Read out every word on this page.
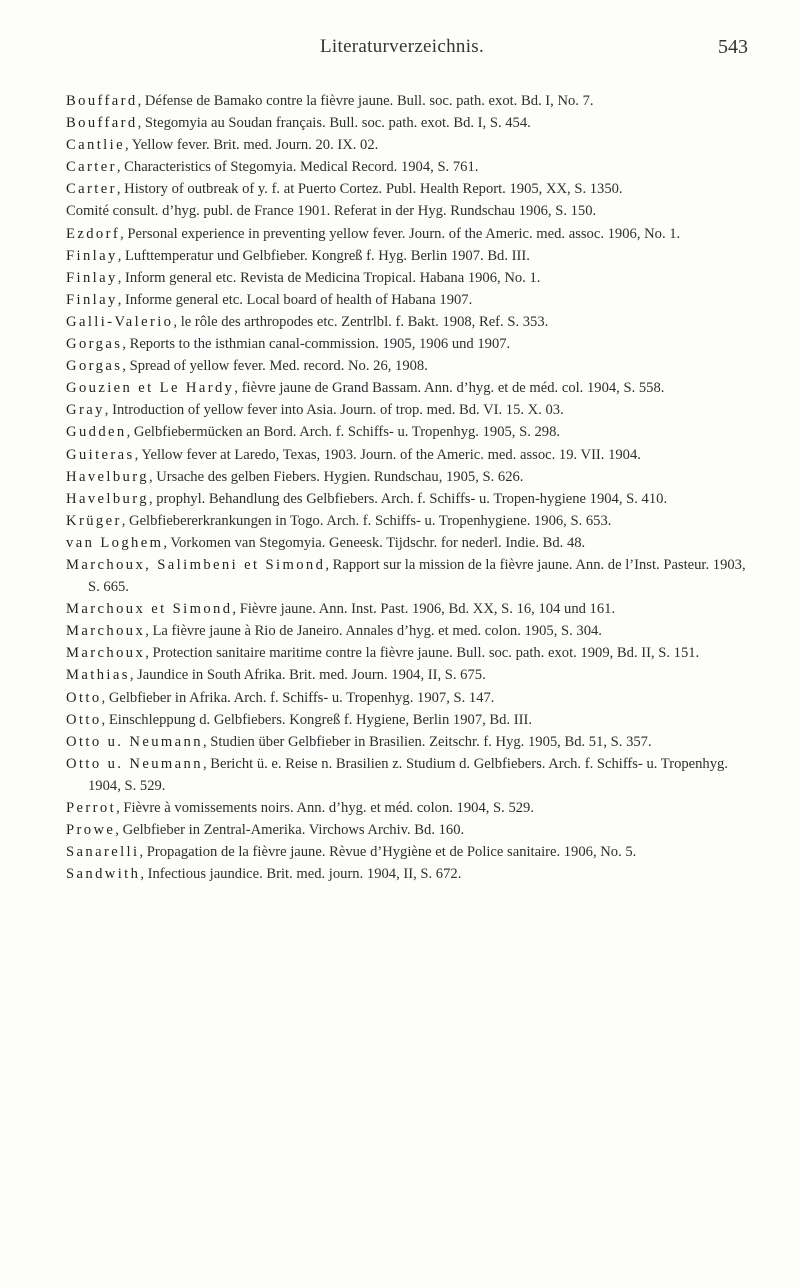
Literaturverzeichnis.	543

Bouffard, Défense de Bamako contre la fièvre jaune. Bull. soc. path. exot. Bd. I, No. 7.

Bouffard, Stegomyia au Soudan français. Bull. soc. path. exot. Bd. I, S. 454.

Cantlie, Yellow fever. Brit. med. Journ. 20. IX. 02.

Carter, Characteristics of Stegomyia. Medical Record. 1904, S. 761.

Carter, History of outbreak of y. f. at Puerto Cortez. Publ. Health Report. 1905, XX, S. 1350.

Comité consult. d’hyg. publ. de France 1901. Referat in der Hyg. Rundschau 1906, S. 150.

Ezdorf, Personal experience in preventing yellow fever. Journ. of the Americ. med. assoc. 1906, No. 1.

Finlay, Lufttemperatur und Gelbfieber. Kongreß f. Hyg. Berlin 1907. Bd. III.

Finlay, Inform general etc. Revista de Medicina Tropical. Habana 1906, No. 1.

Finlay, Informe general etc. Local board of health of Habana 1907.

Galli-Valerio, le rôle des arthropodes etc. Zentrlbl. f. Bakt. 1908, Ref. S. 353.

Gorgas, Reports to the isthmian canal-commission. 1905, 1906 und 1907.

Gorgas, Spread of yellow fever. Med. record. No. 26, 1908.

Gouzien et Le Hardy, fièvre jaune de Grand Bassam. Ann. d’hyg. et de méd. col. 1904, S. 558.

Gray, Introduction of yellow fever into Asia. Journ. of trop. med. Bd. VI. 15. X. 03.

Gudden, Gelbfiebermücken an Bord. Arch. f. Schiffs- u. Tropenhyg. 1905, S. 298.

Guiteras, Yellow fever at Laredo, Texas, 1903. Journ. of the Americ. med. assoc. 19. VII. 1904.

Havelburg, Ursache des gelben Fiebers. Hygien. Rundschau, 1905, S. 626.

Havelburg, prophyl. Behandlung des Gelbfiebers. Arch. f. Schiffs- u. Tropen-hygiene 1904, S. 410.

Krüger, Gelbfiebererkrankungen in Togo. Arch. f. Schiffs- u. Tropenhygiene. 1906, S. 653.

van Loghem, Vorkomen van Stegomyia. Geneesk. Tijdschr. for nederl. Indie. Bd. 48.

Marchoux, Salimbeni et Simond, Rapport sur la mission de la fièvre jaune. Ann. de l’Inst. Pasteur. 1903, S. 665.

Marchoux et Simond, Fièvre jaune. Ann. Inst. Past. 1906, Bd. XX, S. 16, 104 und 161.

Marchoux, La fièvre jaune à Rio de Janeiro. Annales d’hyg. et med. colon. 1905, S. 304.

Marchoux, Protection sanitaire maritime contre la fièvre jaune. Bull. soc. path. exot. 1909, Bd. II, S. 151.

Mathias, Jaundice in South Afrika. Brit. med. Journ. 1904, II, S. 675.

Otto, Gelbfieber in Afrika. Arch. f. Schiffs- u. Tropenhyg. 1907, S. 147.

Otto, Einschleppung d. Gelbfiebers. Kongreß f. Hygiene, Berlin 1907, Bd. III.

Otto u. Neumann, Studien über Gelbfieber in Brasilien. Zeitschr. f. Hyg. 1905, Bd. 51, S. 357.

Otto u. Neumann, Bericht ü. e. Reise n. Brasilien z. Studium d. Gelbfiebers. Arch. f. Schiffs- u. Tropenhyg. 1904, S. 529.

Perrot, Fièvre à vomissements noirs. Ann. d’hyg. et méd. colon. 1904, S. 529.

Prowe, Gelbfieber in Zentral-Amerika. Virchows Archiv. Bd. 160.

Sanarelli, Propagation de la fièvre jaune. Rèvue d’Hygiène et de Police sanitaire. 1906, No. 5.

Sandwith, Infectious jaundice. Brit. med. journ. 1904, II, S. 672.
